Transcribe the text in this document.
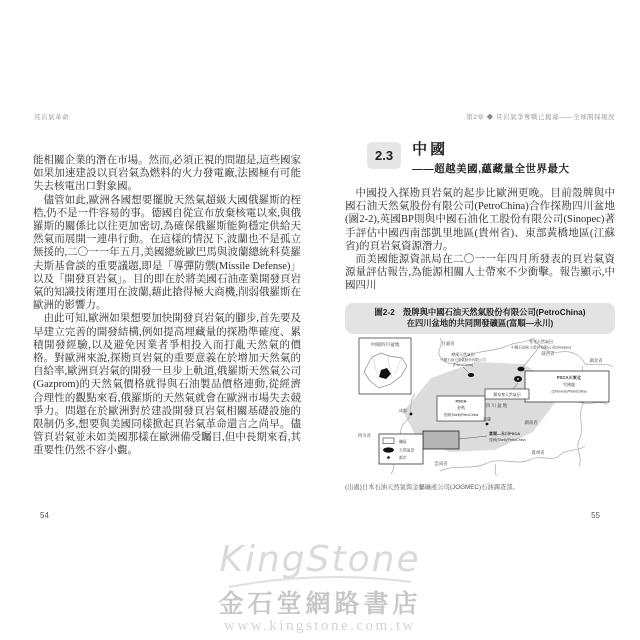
頁岩氣革命	第2章 ◆ 頁岩氣爭奪戰已揭幕——全球開採現況

能相關企業的潛在市場。然而,必須正視的問題是,這些國家如果加速建設以頁岩氣為燃料的火力發電廠,法國極有可能失去核電出口對象國。

儘管如此,歐洲各國想要擺脫天然氣超級大國俄羅斯的桎梏,仍不是一件容易的事。德國自從宣布放棄核電以來,與俄羅斯的關係比以往更加密切,為確保俄羅斯能夠穩定供給天然氣而展開一連串行動。在這樣的情況下,波蘭也不是孤立無援的,二〇一一年五月,美國總統歐巴馬與波蘭總統科莫羅夫斯基會談的重要議題,即是「導彈防禦(Missile Defense)」以及「開發頁岩氣」。目的即在於將美國石油產業開發頁岩氣的知識技術運用在波蘭,藉此搶得極大商機,削弱俄羅斯在歐洲的影響力。

由此可知,歐洲如果想要加快開發頁岩氣的腳步,首先要及早建立完善的開發結構,例如提高埋藏量的探勘準確度、累積開發經驗,以及避免因業者爭相投入而打亂天然氣的價格。對歐洲來說,探勘頁岩氣的重要意義在於增加天然氣的自給率,歐洲頁岩氣的開發一旦步上軌道,俄羅斯天然氣公司(Gazprom)的天然氣價格就得與石油製品價格連動,從經濟合理性的觀點來看,俄羅斯的天然氣就會在歐洲市場失去競爭力。問題在於歐洲對於建設開發頁岩氣相關基礎設施的限制仍多,想要與美國同樣掀起頁岩氣革命還言之尚早。儘管頁岩氣並未如美國那樣在歐洲備受矚目,但中長期來看,其重要性仍然不容小覷。

54
2.3	中國
——超越美國,蘊藏量全世界最大

中國投入探勘頁岩氣的起步比歐洲更晚。目前殼牌與中國石油天然氣股份有限公司(PetroChina)合作探勘四川盆地(圖2-2),英國BP則與中國石油化工股份有限公司(Sinopec)著手評估中國西南部凱里地區(貴州省)、東部黃橋地區(江蘇省)的頁岩氣資源潛力。

而美國能源資訊局在二〇一一年四月所發表的頁岩氣資源量評估報告,為能源相關人士帶來不少衝擊。報告顯示,中國四川

圖2-2　殼牌與中國石油天然氣股份有限公司(PetroChina)
在四川盆地的共同開發礦區(富順—永川)
中國/四川盆地
普光天然氣田
中國石油化工股份有限公司(Sinopec)
磨溪天然氣田
中國石油天然氣股份有限公司
(PetroChina)
甘肅省
陝西省
湖北省
四川省
貴州省
雲南省
湖南省
四川盆地
PSCA川東北
雪佛龍
(Chevron)/PetroChina
羅家寨天然氣田
PSCA
金秋
殼牌(Shell)/PetroChina
成都
重慶
富順—永川PSCA
殼牌(Shell)/PetroChina
礦區
天然氣田
都市
(出處)日本石油天然氣與金屬礦產公司(JOGMEC)石油調查部。
55
KingStone
金石堂網路書店
www.kingstone.com.tw
